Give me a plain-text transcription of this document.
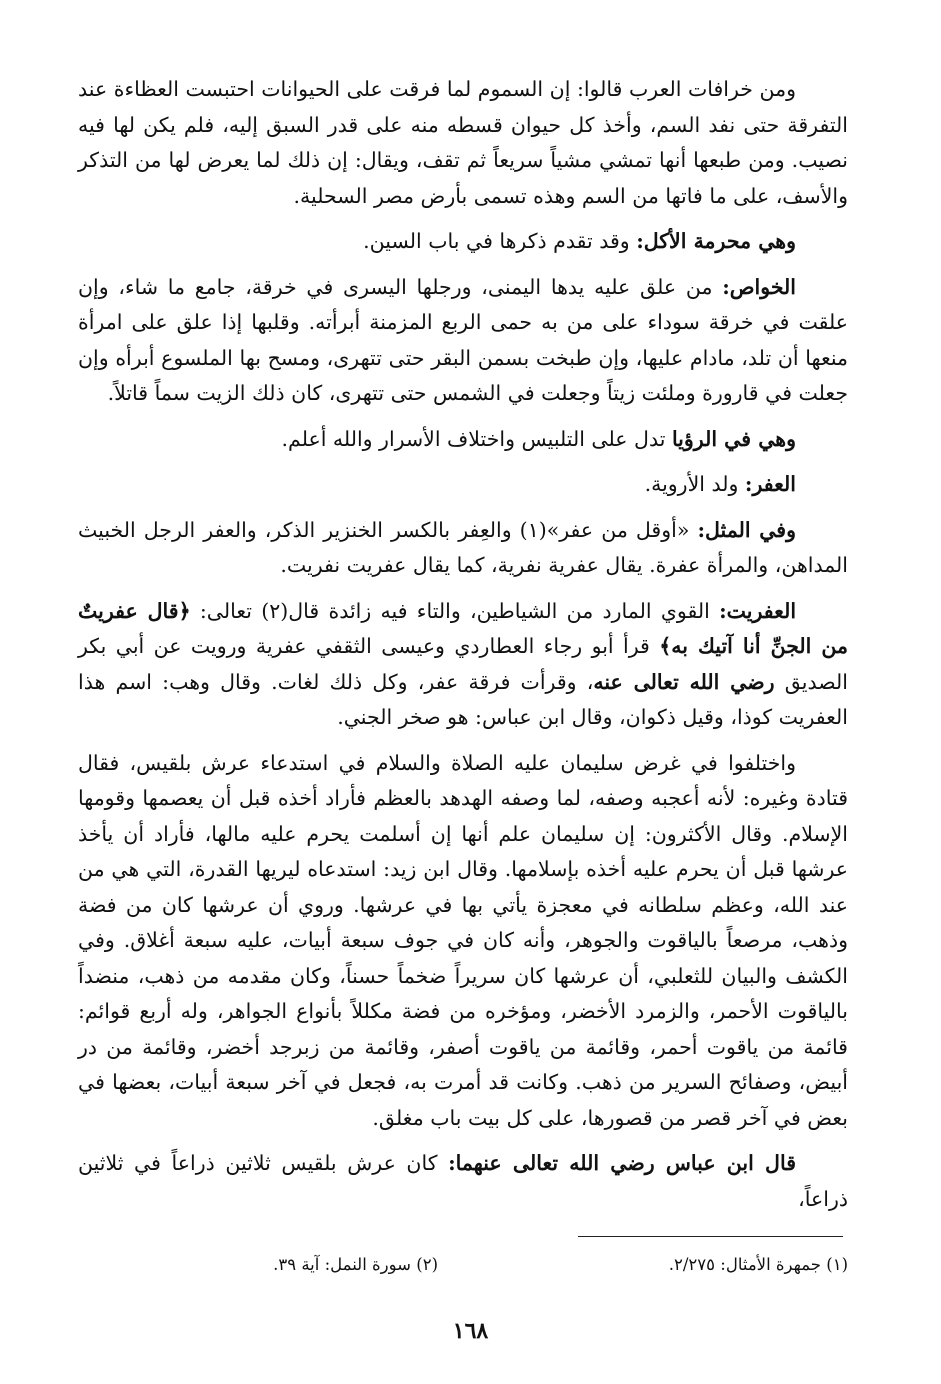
ومن خرافات العرب قالوا: إن السموم لما فرقت على الحيوانات احتبست العظاءة عند التفرقة حتى نفد السم، وأخذ كل حيوان قسطه منه على قدر السبق إليه، فلم يكن لها فيه نصيب. ومن طبعها أنها تمشي مشياً سريعاً ثم تقف، ويقال: إن ذلك لما يعرض لها من التذكر والأسف، على ما فاتها من السم وهذه تسمى بأرض مصر السحلية.

وهي محرمة الأكل: وقد تقدم ذكرها في باب السين.

الخواص: من علق عليه يدها اليمنى، ورجلها اليسرى في خرقة، جامع ما شاء، وإن علقت في خرقة سوداء على من به حمى الربع المزمنة أبرأته. وقلبها إذا علق على امرأة منعها أن تلد، مادام عليها، وإن طبخت بسمن البقر حتى تتهرى، ومسح بها الملسوع أبرأه وإن جعلت في قارورة وملئت زيتاً وجعلت في الشمس حتى تتهرى، كان ذلك الزيت سماً قاتلاً.

وهي في الرؤيا تدل على التلبيس واختلاف الأسرار والله أعلم.

العفر: ولد الأروية.

وفي المثل: «أوقل من عفر»(١) والعِفر بالكسر الخنزير الذكر، والعفر الرجل الخبيث المداهن، والمرأة عفرة. يقال عفرية نفرية، كما يقال عفريت نفريت.

العفريت: القوي المارد من الشياطين، والتاء فيه زائدة قال(٢) تعالى: ﴿قال عفريتٌ من الجنِّ أنا آتيك به﴾ قرأ أبو رجاء العطاردي وعيسى الثقفي عفرية ورويت عن أبي بكر الصديق رضي الله تعالى عنه، وقرأت فرقة عفر، وكل ذلك لغات. وقال وهب: اسم هذا العفريت كوذا، وقيل ذكوان، وقال ابن عباس: هو صخر الجني.

واختلفوا في غرض سليمان عليه الصلاة والسلام في استدعاء عرش بلقيس، فقال قتادة وغيره: لأنه أعجبه وصفه، لما وصفه الهدهد بالعظم فأراد أخذه قبل أن يعصمها وقومها الإسلام. وقال الأكثرون: إن سليمان علم أنها إن أسلمت يحرم عليه مالها، فأراد أن يأخذ عرشها قبل أن يحرم عليه أخذه بإسلامها. وقال ابن زيد: استدعاه ليريها القدرة، التي هي من عند الله، وعظم سلطانه في معجزة يأتي بها في عرشها. وروي أن عرشها كان من فضة وذهب، مرصعاً بالياقوت والجوهر، وأنه كان في جوف سبعة أبيات، عليه سبعة أغلاق. وفي الكشف والبيان للثعلبي، أن عرشها كان سريراً ضخماً حسناً، وكان مقدمه من ذهب، منضداً بالياقوت الأحمر، والزمرد الأخضر، ومؤخره من فضة مكللاً بأنواع الجواهر، وله أربع قوائم: قائمة من ياقوت أحمر، وقائمة من ياقوت أصفر، وقائمة من زبرجد أخضر، وقائمة من در أبيض، وصفائح السرير من ذهب. وكانت قد أمرت به، فجعل في آخر سبعة أبيات، بعضها في بعض في آخر قصر من قصورها، على كل بيت باب مغلق.

قال ابن عباس رضي الله تعالى عنهما: كان عرش بلقيس ثلاثين ذراعاً في ثلاثين ذراعاً،

(١) جمهرة الأمثال: ٢/٢٧٥.
(٢) سورة النمل: آية ٣٩.
١٦٨
